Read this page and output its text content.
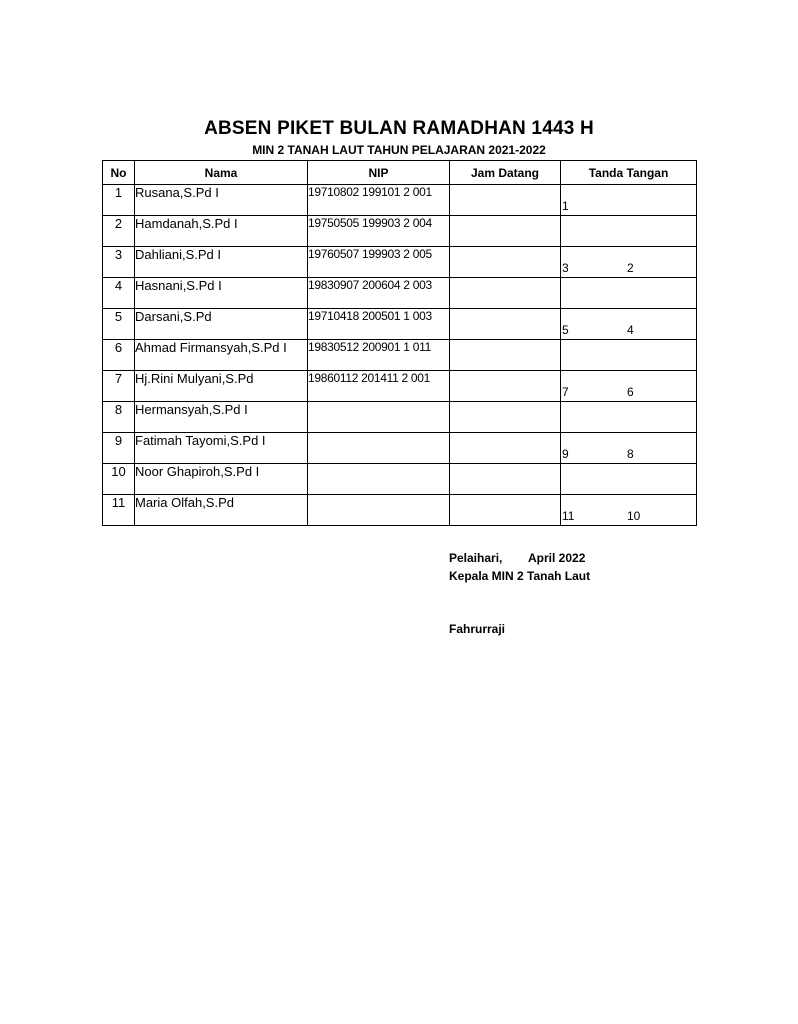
ABSEN PIKET BULAN RAMADHAN 1443 H
MIN 2 TANAH LAUT TAHUN PELAJARAN 2021-2022
No	Nama	NIP	Jam Datang	Tanda Tangan
1	Rusana,S.Pd I	19710802 199101 2 001		1

2	Hamdanah,S.Pd I	19750505 199903 2 004		2

3	Dahliani,S.Pd I	19760507 199903 2 005		3

4	Hasnani,S.Pd I	19830907 200604 2 003		4

5	Darsani,S.Pd	19710418 200501 1 003		5

6	Ahmad Firmansyah,S.Pd I	19830512 200901 1 011		6

7	Hj.Rini Mulyani,S.Pd	19860112 201411 2 001		7

8	Hermansyah,S.Pd I			8

9	Fatimah Tayomi,S.Pd I			9

10	Noor Ghapiroh,S.Pd I			10

11	Maria Olfah,S.Pd			11
Pelaihari, April 2022
Kepala MIN 2 Tanah Laut
Fahrurraji
